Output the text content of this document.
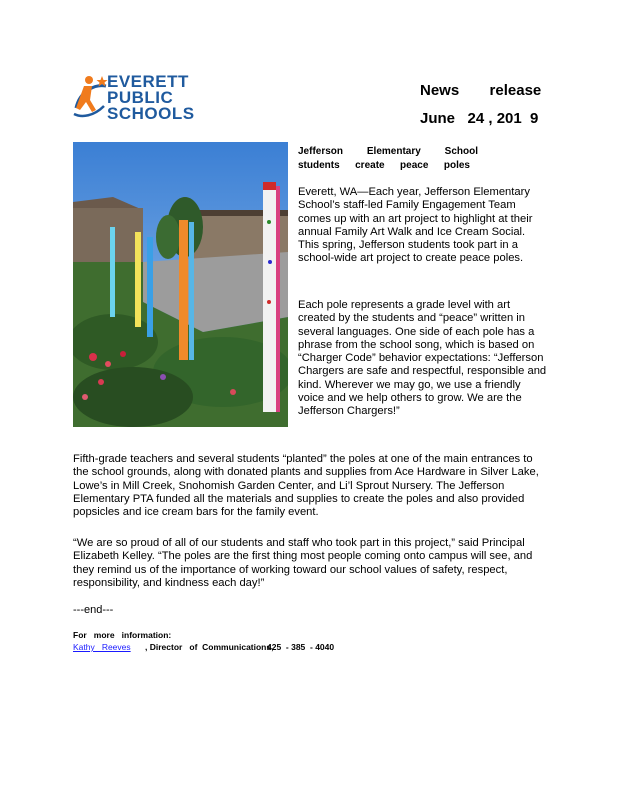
EVERETT
PUBLIC
SCHOOLS
News release
June   24 , 201  9
Jefferson Elementary School
students create peace poles
Everett, WA—Each year, Jefferson Elementary School’s staff-led Family Engagement Team comes up with an art project to highlight at their annual Family Art Walk and Ice Cream Social. This spring, Jefferson students took part in a school-wide art project to create peace poles.
Each pole represents a grade level with art created by the students and “peace” written in several languages. One side of each pole has a phrase from the school song, which is based on “Charger Code” behavior expectations: “Jefferson Chargers are safe and respectful, responsible and kind. Wherever we may go, we use a friendly voice and we help others to grow. We are the Jefferson Chargers!”
Fifth-grade teachers and several students “planted” the poles at one of the main entrances to the school grounds, along with donated plants and supplies from Ace Hardware in Silver Lake, Lowe’s in Mill Creek, Snohomish Garden Center, and Li’l Sprout Nursery. The Jefferson Elementary PTA funded all the materials and supplies to create the poles and also provided popsicles and ice cream bars for the family event.
“We are so proud of all of our students and staff who took part in this project,” said Principal Elizabeth Kelley. “The poles are the first thing most people coming onto campus will see, and they remind us of the importance of working toward our school values of safety, respect, responsibility, and kindness each day!”
---end---
For   more   information:
Kathy   Reeves	, Director   of  Communications,
425  - 385  - 4040
